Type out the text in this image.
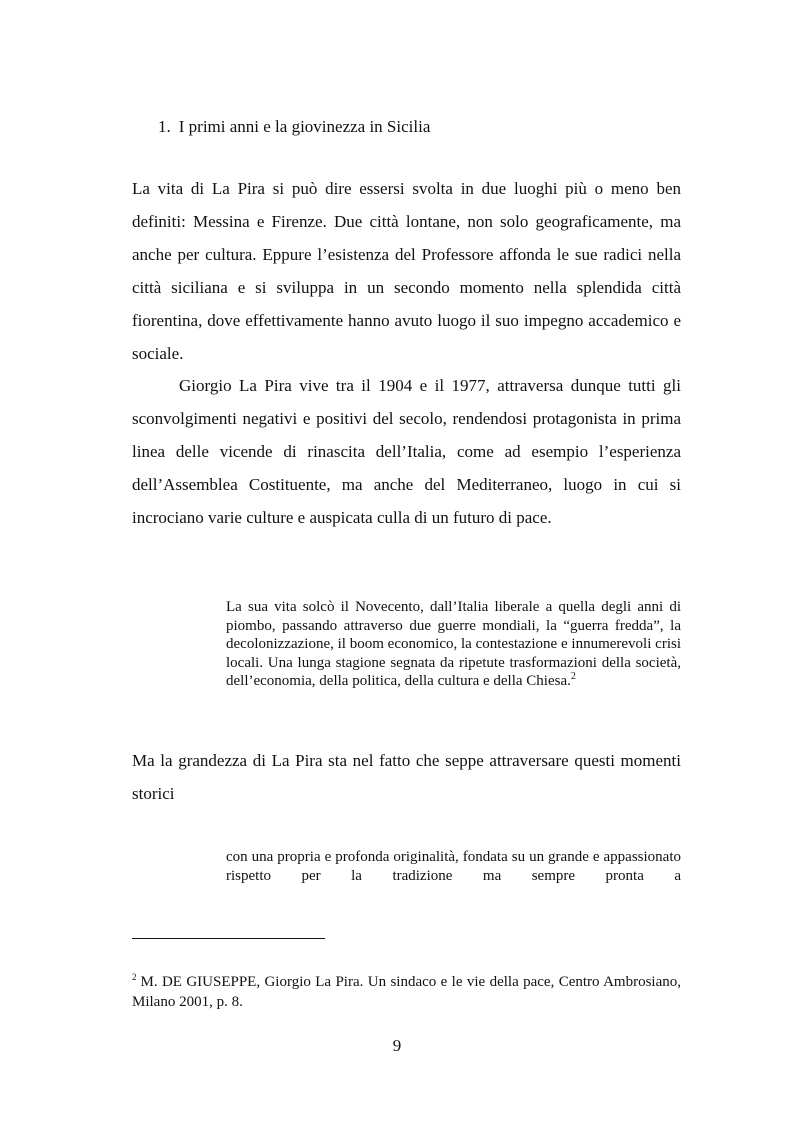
1. I primi anni e la giovinezza in Sicilia

La vita di La Pira si può dire essersi svolta in due luoghi più o meno ben definiti: Messina e Firenze. Due città lontane, non solo geograficamente, ma anche per cultura. Eppure l’esistenza del Professore affonda le sue radici nella città siciliana e si sviluppa in un secondo momento nella splendida città fiorentina, dove effettivamente hanno avuto luogo il suo impegno accademico e sociale.

Giorgio La Pira vive tra il 1904 e il 1977, attraversa dunque tutti gli sconvolgimenti negativi e positivi del secolo, rendendosi protagonista in prima linea delle vicende di rinascita dell’Italia, come ad esempio l’esperienza dell’Assemblea Costituente, ma anche del Mediterraneo, luogo in cui si incrociano varie culture e auspicata culla di un futuro di pace.

La sua vita solcò il Novecento, dall’Italia liberale a quella degli anni di piombo, passando attraverso due guerre mondiali, la “guerra fredda”, la decolonizzazione, il boom economico, la contestazione e innumerevoli crisi locali. Una lunga stagione segnata da ripetute trasformazioni della società, dell’economia, della politica, della cultura e della Chiesa.$^2$

Ma la grandezza di La Pira sta nel fatto che seppe attraversare questi momenti storici

con una propria e profonda originalità, fondata su un grande e appassionato rispetto per la tradizione ma sempre pronta a

$^2$ M. DE GIUSEPPE, Giorgio La Pira. Un sindaco e le vie della pace, Centro Ambrosiano, Milano 2001, p. 8.

9
